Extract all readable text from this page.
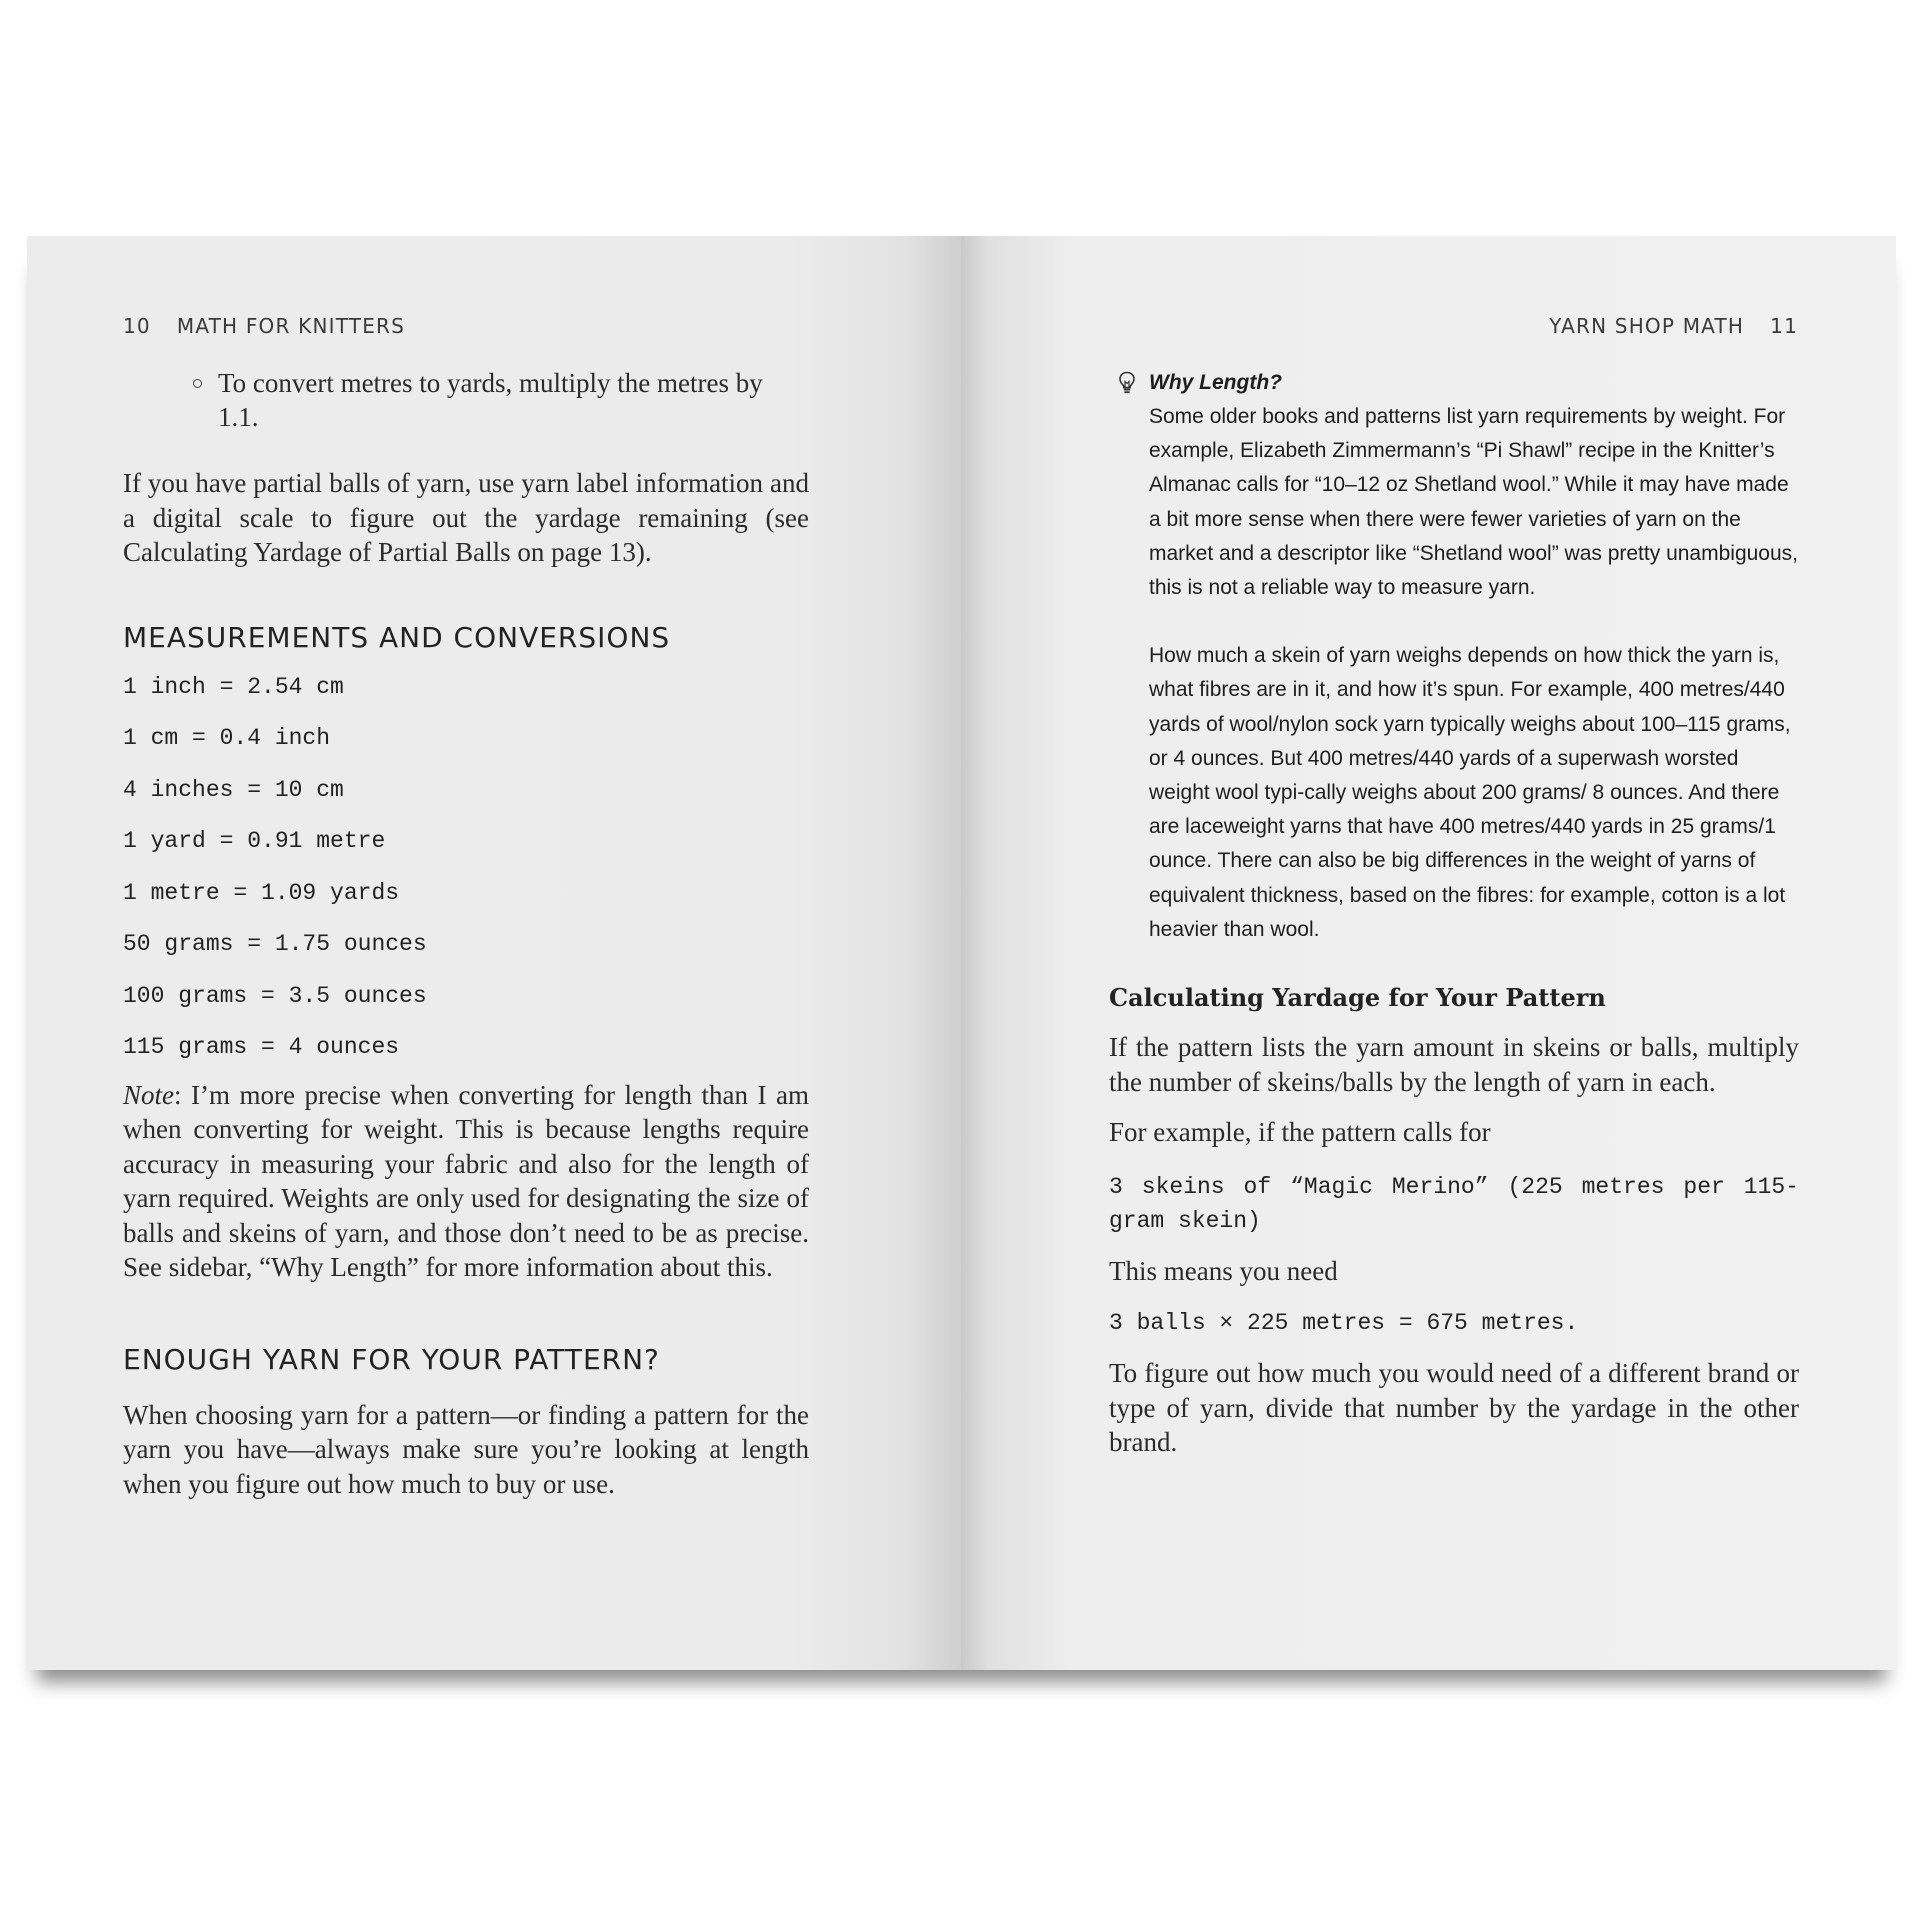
10 MATH FOR KNITTERS
To convert metres to yards, multiply the metres by 1.1.

If you have partial balls of yarn, use yarn label information and a digital scale to figure out the yardage remaining (see Calculating Yardage of Partial Balls on page 13).

MEASUREMENTS AND CONVERSIONS
1 inch = 2.54 cm
1 cm = 0.4 inch
4 inches = 10 cm
1 yard = 0.91 metre
1 metre = 1.09 yards
50 grams = 1.75 ounces
100 grams = 3.5 ounces
115 grams = 4 ounces

Note: I’m more precise when converting for length than I am when converting for weight. This is because lengths require accuracy in measuring your fabric and also for the length of yarn required. Weights are only used for designating the size of balls and skeins of yarn, and those don’t need to be as precise. See sidebar, “Why Length” for more information about this.

ENOUGH YARN FOR YOUR PATTERN?

When choosing yarn for a pattern—or finding a pattern for the yarn you have—always make sure you’re looking at length when you figure out how much to buy or use.

YARN SHOP MATH 11
Why Length?

Some older books and patterns list yarn requirements by weight. For example, Elizabeth Zimmermann’s “Pi Shawl” recipe in the Knitter’s Almanac calls for “10–12 oz Shetland wool.” While it may have made a bit more sense when there were fewer varieties of yarn on the market and a descriptor like “Shetland wool” was pretty unambiguous, this is not a reliable way to measure yarn.

How much a skein of yarn weighs depends on how thick the yarn is, what fibres are in it, and how it’s spun. For example, 400 metres/440 yards of wool/nylon sock yarn typically weighs about 100–115 grams, or 4 ounces. But 400 metres/440 yards of a superwash worsted weight wool typi-cally weighs about 200 grams/ 8 ounces. And there are laceweight yarns that have 400 metres/440 yards in 25 grams/1 ounce. There can also be big differences in the weight of yarns of equivalent thickness, based on the fibres: for example, cotton is a lot heavier than wool.

Calculating Yardage for Your Pattern

If the pattern lists the yarn amount in skeins or balls, multiply the number of skeins/balls by the length of yarn in each.

For example, if the pattern calls for

3 skeins of “Magic Merino” (225 metres per 115-gram skein)

This means you need

3 balls × 225 metres = 675 metres.

To figure out how much you would need of a different brand or type of yarn, divide that number by the yardage in the other brand.
